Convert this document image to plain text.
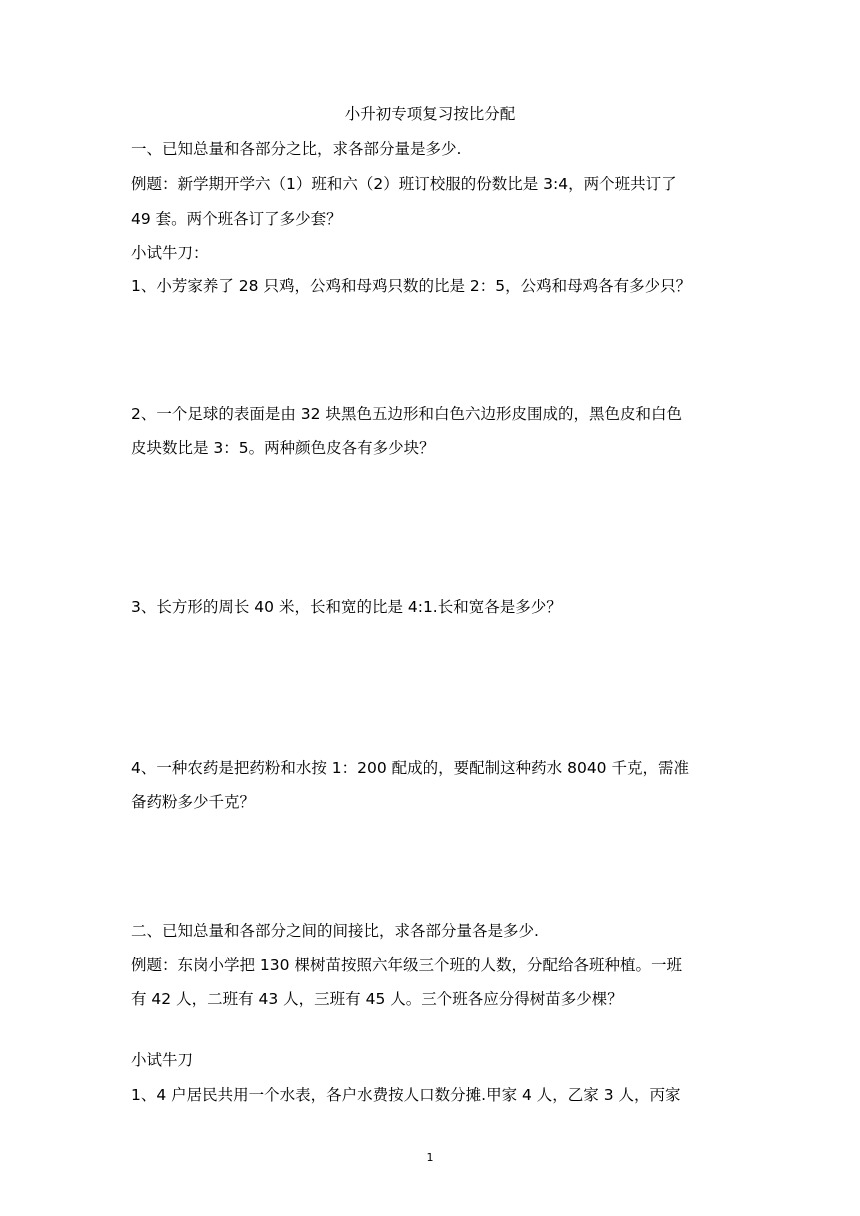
小升初专项复习按比分配
一、已知总量和各部分之比，求各部分量是多少.
例题：新学期开学六（1）班和六（2）班订校服的份数比是 3:4，两个班共订了
49 套。两个班各订了多少套？
小试牛刀：
1、小芳家养了 28 只鸡，公鸡和母鸡只数的比是 2：5，公鸡和母鸡各有多少只？
2、一个足球的表面是由 32 块黑色五边形和白色六边形皮围成的，黑色皮和白色
皮块数比是 3：5。两种颜色皮各有多少块？
3、长方形的周长 40 米，长和宽的比是 4:1.长和宽各是多少？
4、一种农药是把药粉和水按 1：200 配成的，要配制这种药水 8040 千克，需准
备药粉多少千克？
二、已知总量和各部分之间的间接比，求各部分量各是多少.
例题：东岗小学把 130 棵树苗按照六年级三个班的人数，分配给各班种植。一班
有 42 人，二班有 43 人，三班有 45 人。三个班各应分得树苗多少棵？
小试牛刀
1、4 户居民共用一个水表，各户水费按人口数分摊.甲家 4 人，乙家 3 人，丙家
1
